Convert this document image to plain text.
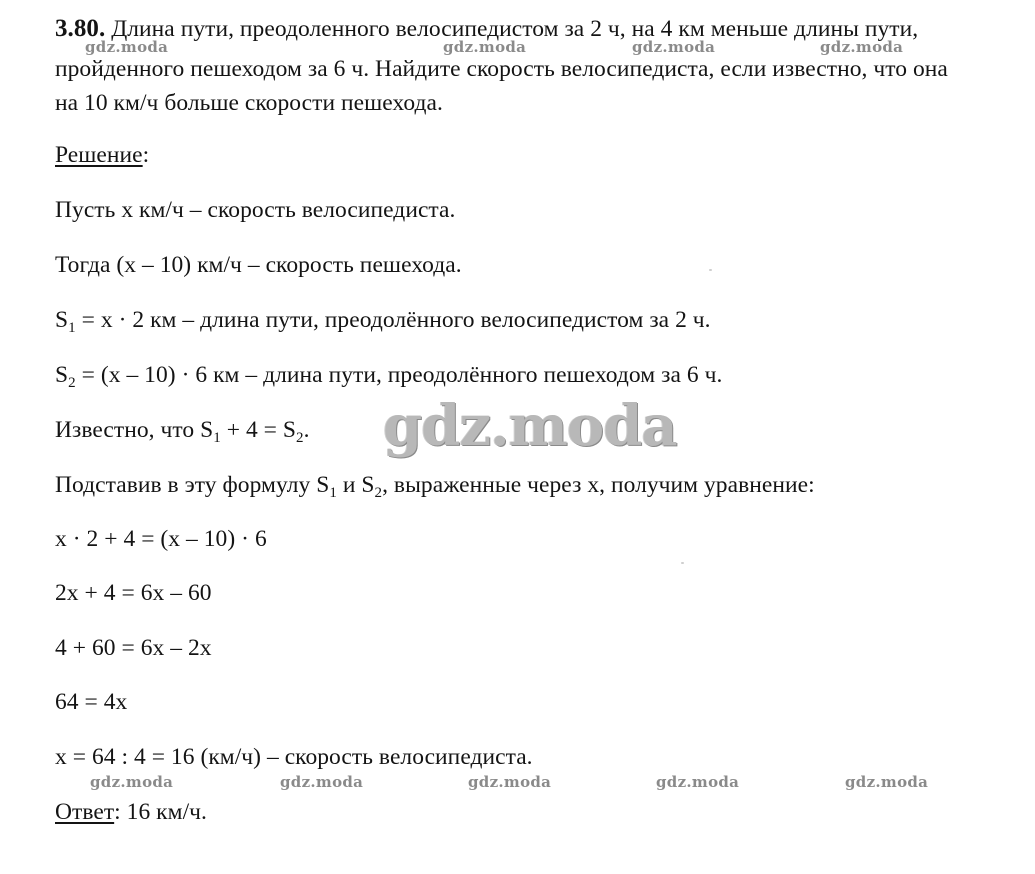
3.80. Длина пути, преодоленного велосипедистом за 2 ч, на 4 км меньше длины пути,
пройденного пешеходом за 6 ч. Найдите скорость велосипедиста, если известно, что она
на 10 км/ч больше скорости пешехода.
Решение:
Пусть x км/ч – скорость велосипедиста.
Тогда (x – 10) км/ч – скорость пешехода.
$S_1 = x \cdot 2$ км – длина пути, преодолённого велосипедистом за 2 ч.
$S_2 = (x - 10) \cdot 6$ км – длина пути, преодолённого пешеходом за 6 ч.
Известно, что $S_1 + 4 = S_2$.
Подставив в эту формулу $S_1$ и $S_2$, выраженные через x, получим уравнение:
x · 2 + 4 = (x – 10) · 6
2x + 4 = 6x – 60
4 + 60 = 6x – 2x
64 = 4x
x = 64 : 4 = 16 (км/ч) – скорость велосипедиста.
Ответ: 16 км/ч.
gdz.moda	gdz.moda	gdz.moda	gdz.moda
gdz.moda
gdz.moda	gdz.moda	gdz.moda	gdz.moda	gdz.moda
